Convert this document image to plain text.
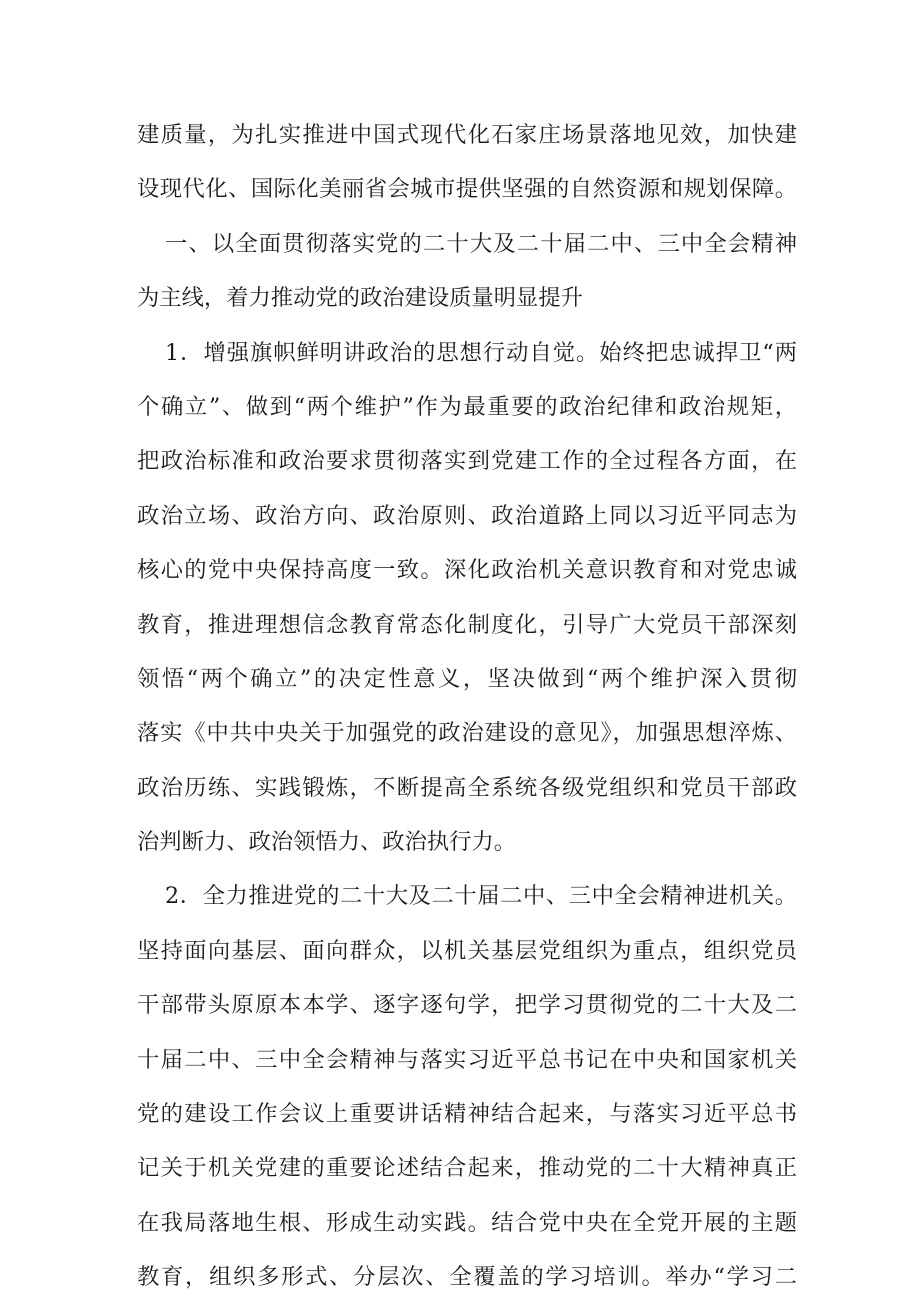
建质量，为扎实推进中国式现代化石家庄场景落地见效，加快建
设现代化、国际化美丽省会城市提供坚强的自然资源和规划保障。
一、以全面贯彻落实党的二十大及二十届二中、三中全会精神
为主线，着力推动党的政治建设质量明显提升
1．增强旗帜鲜明讲政治的思想行动自觉。始终把忠诚捍卫“两
个确立”、做到“两个维护”作为最重要的政治纪律和政治规矩，
把政治标准和政治要求贯彻落实到党建工作的全过程各方面，在
政治立场、政治方向、政治原则、政治道路上同以习近平同志为
核心的党中央保持高度一致。深化政治机关意识教育和对党忠诚
教育，推进理想信念教育常态化制度化，引导广大党员干部深刻
领悟“两个确立”的决定性意义，坚决做到“两个维护深入贯彻
落实《中共中央关于加强党的政治建设的意见》，加强思想淬炼、
政治历练、实践锻炼，不断提高全系统各级党组织和党员干部政
治判断力、政治领悟力、政治执行力。
2．全力推进党的二十大及二十届二中、三中全会精神进机关。
坚持面向基层、面向群众，以机关基层党组织为重点，组织党员
干部带头原原本本学、逐字逐句学，把学习贯彻党的二十大及二
十届二中、三中全会精神与落实习近平总书记在中央和国家机关
党的建设工作会议上重要讲话精神结合起来，与落实习近平总书
记关于机关党建的重要论述结合起来，推动党的二十大精神真正
在我局落地生根、形成生动实践。结合党中央在全党开展的主题
教育，组织多形式、分层次、全覆盖的学习培训。举办“学习二
